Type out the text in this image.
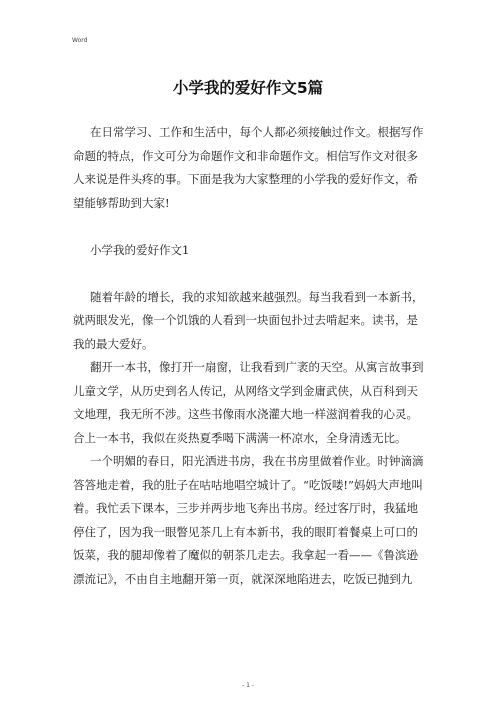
Word
小学我的爱好作文5篇
在日常学习、工作和生活中，每个人都必须接触过作文。根据写作
命题的特点，作文可分为命题作文和非命题作文。相信写作文对很多
人来说是件头疼的事。下面是我为大家整理的小学我的爱好作文，希
望能够帮助到大家!
小学我的爱好作文1
随着年龄的增长，我的求知欲越来越强烈。每当我看到一本新书，
就两眼发光，像一个饥饿的人看到一块面包扑过去啃起来。读书，是
我的最大爱好。
翻开一本书，像打开一扇窗，让我看到广袤的天空。从寓言故事到
儿童文学，从历史到名人传记，从网络文学到金庸武侠，从百科到天
文地理，我无所不涉。这些书像雨水浇灌大地一样滋润着我的心灵。
合上一本书，我似在炎热夏季喝下满满一杯凉水，全身清透无比。
一个明媚的春日，阳光洒进书房，我在书房里做着作业。时钟滴滴
答答地走着，我的肚子在咕咕地唱空城计了。“吃饭喽!”妈妈大声地叫
着。我忙丢下课本，三步并两步地飞奔出书房。经过客厅时，我猛地
停住了，因为我一眼瞥见茶几上有本新书，我的眼盯着餐桌上可口的
饭菜，我的腿却像着了魔似的朝茶几走去。我拿起一看——《鲁滨逊
漂流记》，不由自主地翻开第一页，就深深地陷进去，吃饭已抛到九
- 1 -
